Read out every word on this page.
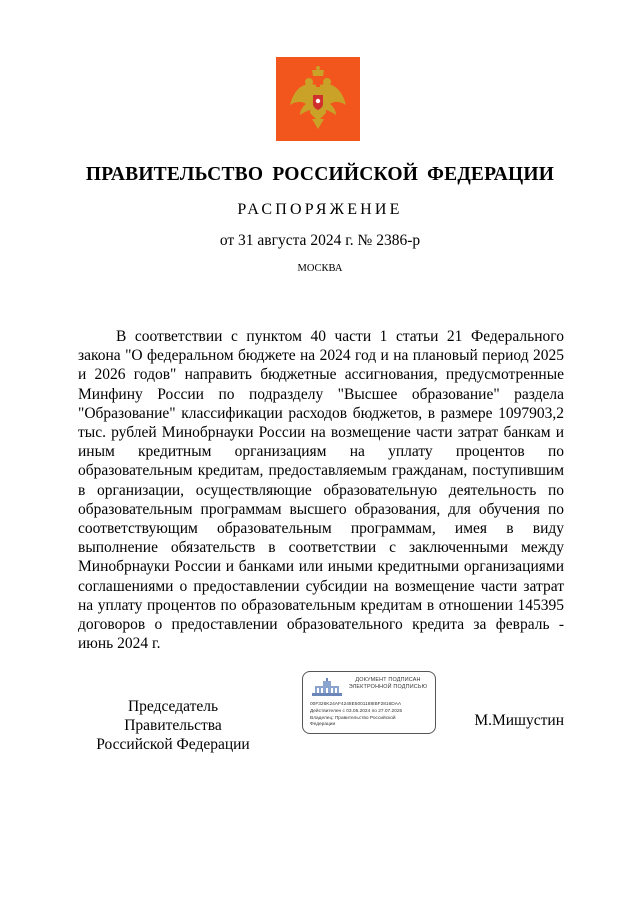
ПРАВИТЕЛЬСТВО РОССИЙСКОЙ ФЕДЕРАЦИИ
РАСПОРЯЖЕНИЕ
от 31 августа 2024 г. № 2386-р
МОСКВА
В соответствии с пунктом 40 части 1 статьи 21 Федерального закона "О федеральном бюджете на 2024 год и на плановый период 2025 и 2026 годов" направить бюджетные ассигнования, предусмотренные Минфину России по подразделу "Высшее образование" раздела "Образование" классификации расходов бюджетов, в размере 1097903,2 тыс. рублей Минобрнауки России на возмещение части затрат банкам и иным кредитным организациям на уплату процентов по образовательным кредитам, предоставляемым гражданам, поступившим в организации, осуществляющие образовательную деятельность по образовательным программам высшего образования, для обучения по соответствующим образовательным программам, имея в виду выполнение обязательств в соответствии с заключенными между Минобрнауки России и банками или иными кредитными организациями соглашениями о предоставлении субсидии на возмещение части затрат на уплату процентов по образовательным кредитам в отношении 145395 договоров о предоставлении образовательного кредита за февраль - июнь 2024 г.
Председатель Правительства
Российской Федерации
ДОКУМЕНТ ПОДПИСАН
ЭЛЕКТРОННОЙ ПОДПИСЬЮ
00F326K24AF4248E5001188IBF2816DAA
Действителен с 03.05.2024 по 27.07.2025
Владелец: Правительство Российской
Федерации	М.Мишустин
